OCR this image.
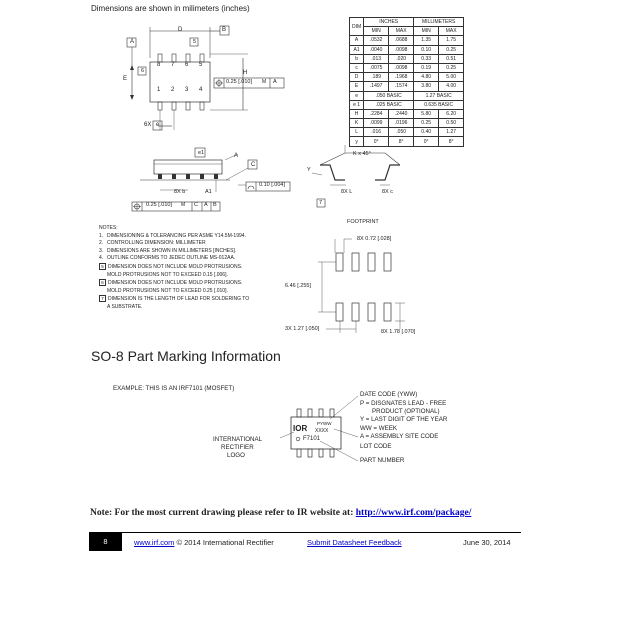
Dimensions are shown in milimeters (inches)
D	B
A	5
6
E
H
8 7 6 5
1 2 3 4
0.25 [.010] M A
6X e
DIM	INCHES		MILLIMETERS	
	MIN	MAX	MIN	MAX
A	.0532	.0688	1.35	1.75
A1	.0040	.0098	0.10	0.25
b	.013	.020	0.33	0.51
c	.0075	.0098	0.19	0.25
D	.189	.1968	4.80	5.00
E	.1497	.1574	3.80	4.00
e	.050 BASIC		1.27 BASIC	
e 1	.025 BASIC		0.635 BASIC	
H	.2284	.2440	5.80	6.20
K	.0099	.0196	0.25	0.50
L	.016	.050	0.40	1.27
y	0°	8°	0°	8°
e1	A
C
8X b	A1
0.10 [.004]
0.25 [.010] M C A B
K x 45°
Y
8X L	8X c
7
NOTES:
1. DIMENSIONING & TOLERANCING PER ASME Y14.5M-1994.
2. CONTROLLING DIMENSION: MILLIMETER
3. DIMENSIONS ARE SHOWN IN MILLIMETERS [INCHES].
4. OUTLINE CONFORMS TO JEDEC OUTLINE MS-012AA.
5 DIMENSION DOES NOT INCLUDE MOLD PROTRUSIONS.
MOLD PROTRUSIONS NOT TO EXCEED 0.15 [.006].
6 DIMENSION DOES NOT INCLUDE MOLD PROTRUSIONS.
MOLD PROTRUSIONS NOT TO EXCEED 0.25 [.010].
7 DIMENSION IS THE LENGTH OF LEAD FOR SOLDERING TO
A SUBSTRATE.
FOOTPRINT
8X 0.72 [.028]
6.46 [.255]
3X 1.27 [.050]	8X 1.78 [.070]
SO-8 Part Marking Information
EXAMPLE: THIS IS AN IRF7101 (MOSFET)
IOR
PYWW
XXXX
F7101
INTERNATIONAL
RECTIFIER
LOGO
DATE CODE (YWW)
P = DISGNATES LEAD - FREE
PRODUCT (OPTIONAL)
Y = LAST DIGIT OF THE YEAR
WW = WEEK
A = ASSEMBLY SITE CODE
LOT CODE
PART NUMBER
Note: For the most current drawing please refer to IR website at: http://www.irf.com/package/
8	www.irf.com © 2014 International Rectifier	Submit Datasheet Feedback	June 30, 2014
